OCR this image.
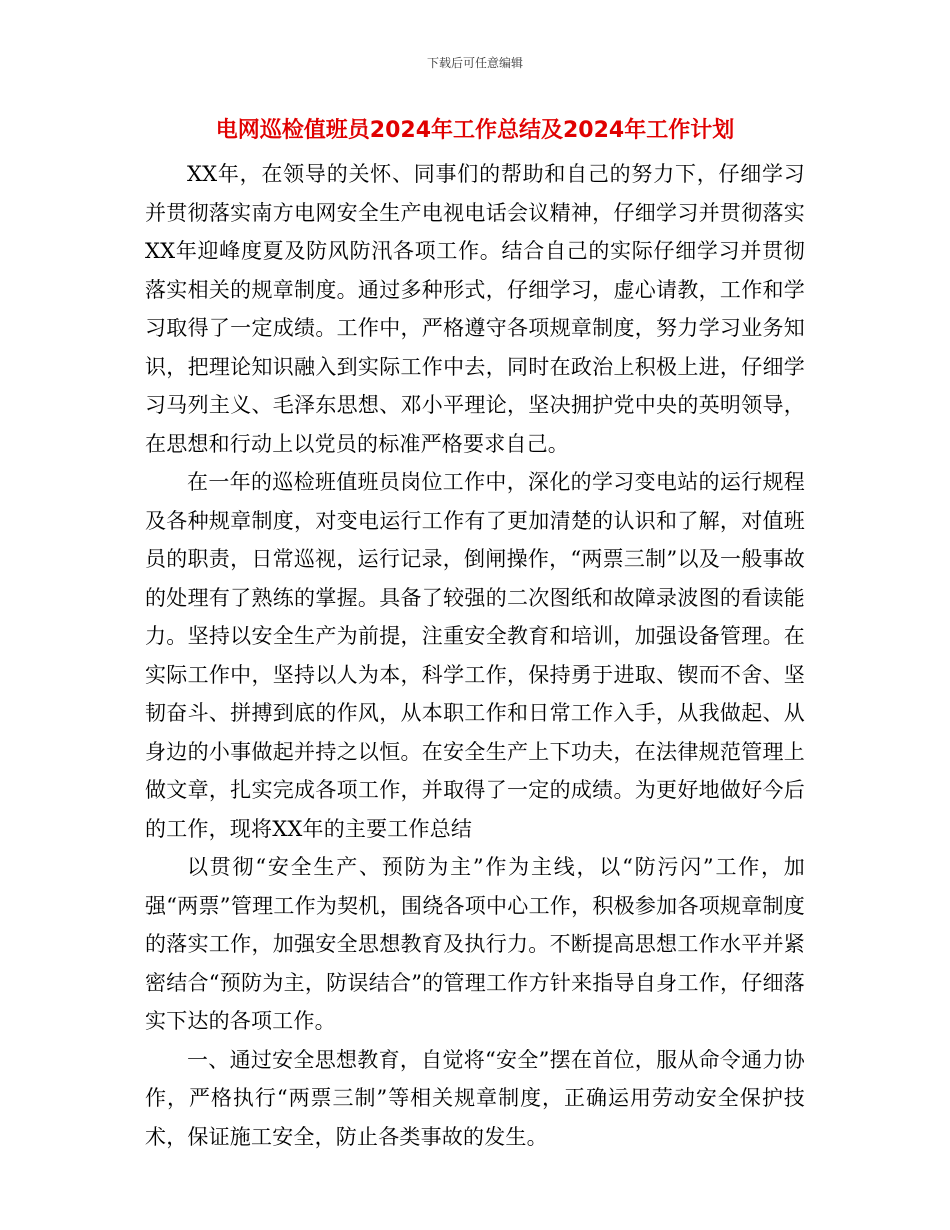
下载后可任意编辑
电网巡检值班员2024年工作总结及2024年工作计划

XX年，在领导的关怀、同事们的帮助和自己的努力下，仔细学习并贯彻落实南方电网安全生产电视电话会议精神，仔细学习并贯彻落实XX年迎峰度夏及防风防汛各项工作。结合自己的实际仔细学习并贯彻落实相关的规章制度。通过多种形式，仔细学习，虚心请教，工作和学习取得了一定成绩。工作中，严格遵守各项规章制度，努力学习业务知识，把理论知识融入到实际工作中去，同时在政治上积极上进，仔细学习马列主义、毛泽东思想、邓小平理论，坚决拥护党中央的英明领导，在思想和行动上以党员的标准严格要求自己。

在一年的巡检班值班员岗位工作中，深化的学习变电站的运行规程及各种规章制度，对变电运行工作有了更加清楚的认识和了解，对值班员的职责，日常巡视，运行记录，倒闸操作，“两票三制”以及一般事故的处理有了熟练的掌握。具备了较强的二次图纸和故障录波图的看读能力。坚持以安全生产为前提，注重安全教育和培训，加强设备管理。在实际工作中，坚持以人为本，科学工作，保持勇于进取、锲而不舍、坚韧奋斗、拼搏到底的作风，从本职工作和日常工作入手，从我做起、从身边的小事做起并持之以恒。在安全生产上下功夫，在法律规范管理上做文章，扎实完成各项工作，并取得了一定的成绩。为更好地做好今后的工作，现将XX年的主要工作总结

以贯彻“安全生产、预防为主”作为主线，以“防污闪”工作，加强“两票”管理工作为契机，围绕各项中心工作，积极参加各项规章制度的落实工作，加强安全思想教育及执行力。不断提高思想工作水平并紧密结合“预防为主，防误结合”的管理工作方针来指导自身工作，仔细落实下达的各项工作。

一、通过安全思想教育，自觉将“安全”摆在首位，服从命令通力协作，严格执行“两票三制”等相关规章制度，正确运用劳动安全保护技术，保证施工安全，防止各类事故的发生。
